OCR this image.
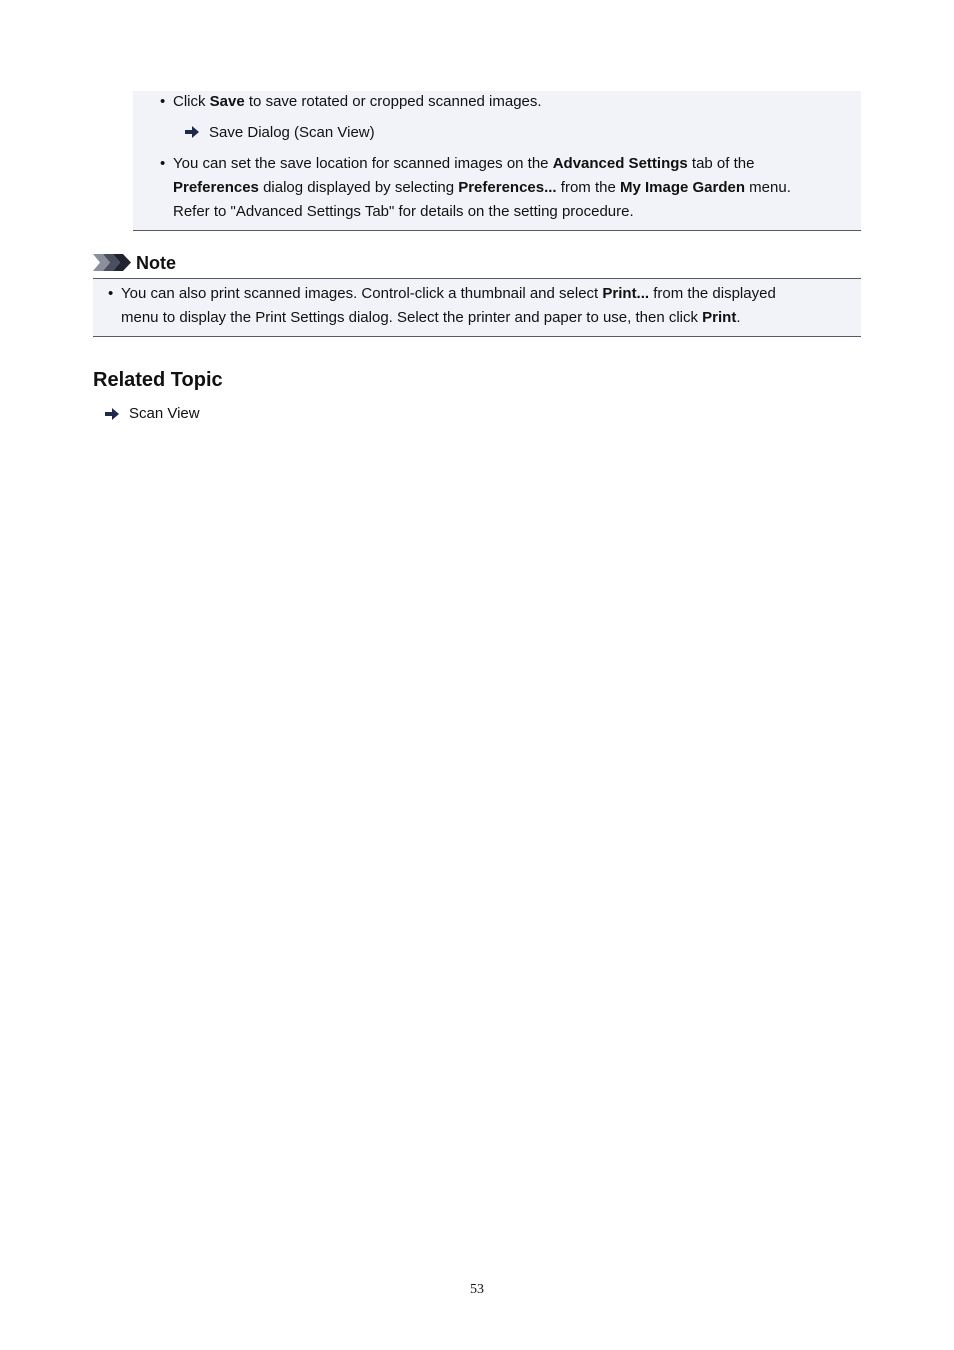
• Click Save to save rotated or cropped scanned images.
Save Dialog (Scan View)
• You can set the save location for scanned images on the Advanced Settings tab of the
Preferences dialog displayed by selecting Preferences... from the My Image Garden menu.
Refer to "Advanced Settings Tab" for details on the setting procedure.
Note
• You can also print scanned images. Control-click a thumbnail and select Print... from the displayed
menu to display the Print Settings dialog. Select the printer and paper to use, then click Print.
Related Topic
Scan View
53
